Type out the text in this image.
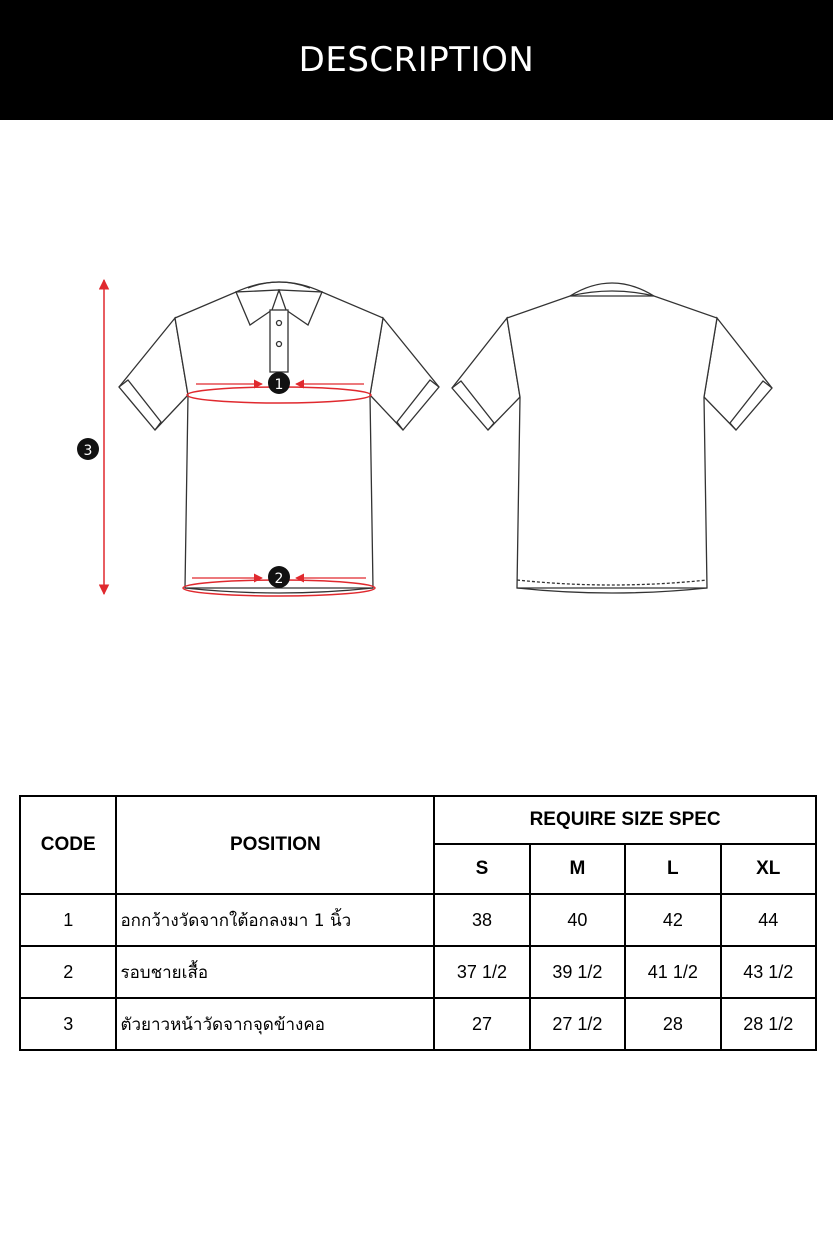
DESCRIPTION
1
2
3
CODE	POSITION	REQUIRE SIZE SPEC			
		S	M	L	XL
1	อกกว้างวัดจากใต้อกลงมา 1 นิ้ว	38	40	42	44
2	รอบชายเสื้อ	37 1/2	39 1/2	41 1/2	43 1/2
3	ตัวยาวหน้าวัดจากจุดข้างคอ	27	27 1/2	28	28 1/2
